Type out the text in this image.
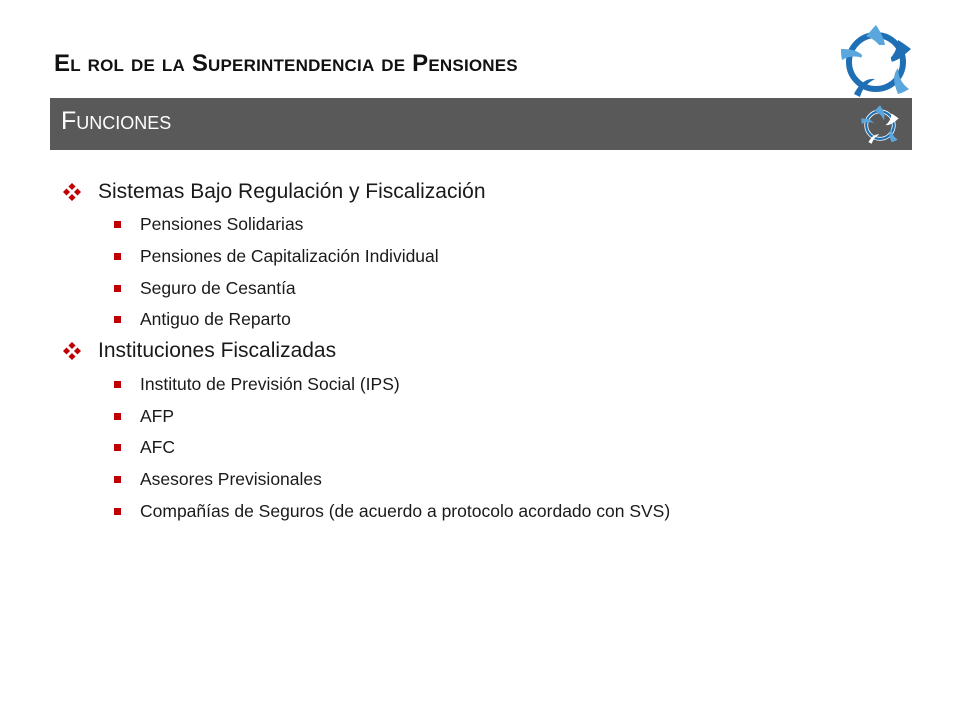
El rol de la Superintendencia de Pensiones
Funciones
Sistemas Bajo Regulación y Fiscalización
Pensiones Solidarias
Pensiones de Capitalización Individual
Seguro de Cesantía
Antiguo de Reparto
Instituciones Fiscalizadas
Instituto de Previsión Social (IPS)
AFP
AFC
Asesores Previsionales
Compañías de Seguros (de acuerdo a protocolo acordado con SVS)
